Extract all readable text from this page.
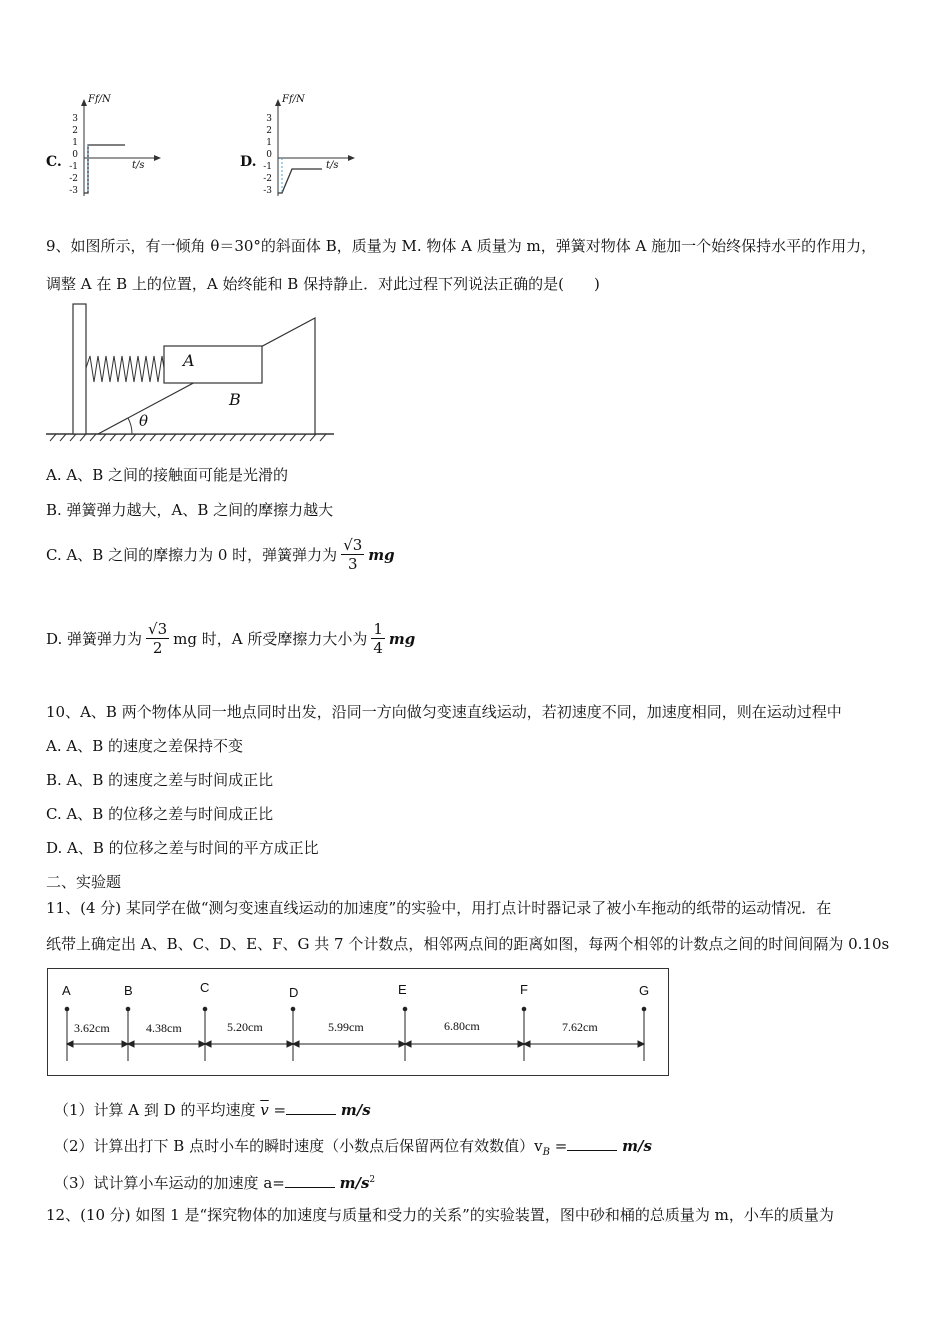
C.
Ff/N
t/s
3
2
1
0
-1
-2
-3
D.
Ff/N
t/s
3
2
1
0
-1
-2
-3
9、如图所示，有一倾角 θ＝30°的斜面体 B，质量为 M. 物体 A 质量为 m，弹簧对物体 A 施加一个始终保持水平的作用力，
调整 A 在 B 上的位置，A 始终能和 B 保持静止．对此过程下列说法正确的是(　　)
A
B
θ
A. A、B 之间的接触面可能是光滑的
B. 弹簧弹力越大，A、B 之间的摩擦力越大
C. A、B 之间的摩擦力为 0 时，弹簧弹力为 $\frac{√3}{3}$ mg
D. 弹簧弹力为 $\frac{√3}{2}$ mg 时，A 所受摩擦力大小为 $\frac{1}{4}$ mg
10、A、B 两个物体从同一地点同时出发，沿同一方向做匀变速直线运动，若初速度不同，加速度相同，则在运动过程中
A. A、B 的速度之差保持不变
B. A、B 的速度之差与时间成正比
C. A、B 的位移之差与时间成正比
D. A、B 的位移之差与时间的平方成正比
二、实验题
11、(4 分) 某同学在做“测匀变速直线运动的加速度”的实验中，用打点计时器记录了被小车拖动的纸带的运动情况．在
纸带上确定出 A、B、C、D、E、F、G 共 7 个计数点，相邻两点间的距离如图，每两个相邻的计数点之间的时间间隔为 0.10s
A	B	C	D	E	F	G
3.62cm	4.38cm	5.20cm	5.99cm	6.80cm	7.62cm
（1）计算 A 到 D 的平均速度 $\overline{v}$ =	m/s
（2）计算出打下 B 点时小车的瞬时速度（小数点后保留两位有效数值）$v_B$ =	m/s
（3）试计算小车运动的加速度 a=	$m/s^2$
12、(10 分) 如图 1 是“探究物体的加速度与质量和受力的关系”的实验装置，图中砂和桶的总质量为 m，小车的质量为
